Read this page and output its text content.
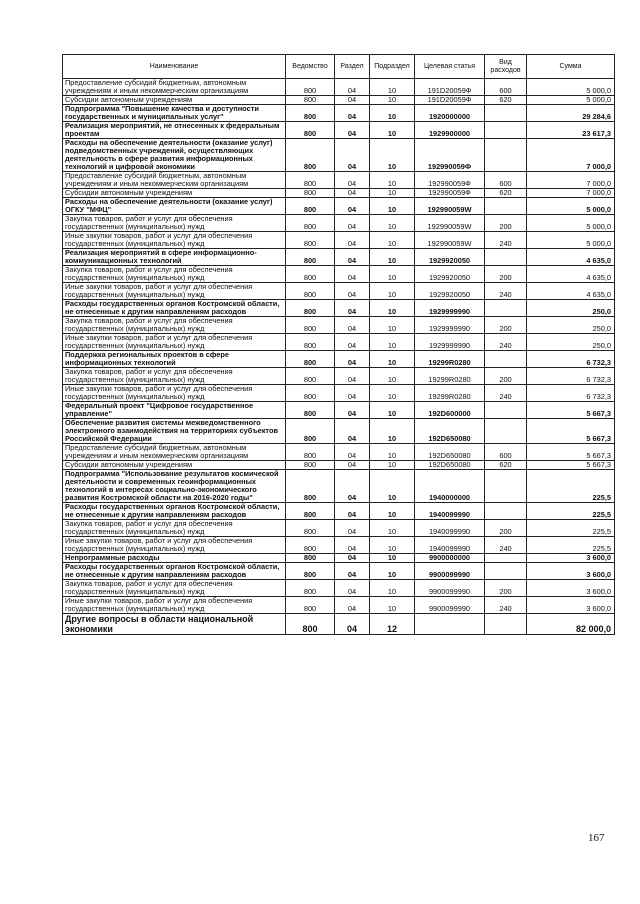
Наименование	Ведомство	Раздел	Подраздел	Целевая статья	Вид расходов	Сумма
Предоставление субсидий бюджетным, автономным учреждениям и иным некоммерческим организациям	800	04	10	191D20059Ф	600	5 000,0
Субсидии автономным учреждениям	800	04	10	191D20059Ф	620	5 000,0
Подпрограмма "Повышение качества и доступности государственных и муниципальных услуг"	800	04	10	1920000000		29 284,6
Реализация мероприятий, не отнесенных к федеральным проектам	800	04	10	1929900000		23 617,3
Расходы на обеспечение деятельности (оказание услуг) подведомственных учреждений, осуществляющих деятельность в сфере развития информационных технологий и цифровой экономики	800	04	10	192990059Ф		7 000,0
Предоставление субсидий бюджетным, автономным учреждениям и иным некоммерческим организациям	800	04	10	192990059Ф	600	7 000,0
Субсидии автономным учреждениям	800	04	10	192990059Ф	620	7 000,0
Расходы на обеспечение деятельности (оказание услуг) ОГКУ "МФЦ"	800	04	10	192990059W		5 000,0
Закупка товаров, работ и услуг для обеспечения государственных (муниципальных) нужд	800	04	10	192990059W	200	5 000,0
Иные закупки товаров, работ и услуг для обеспечения государственных (муниципальных) нужд	800	04	10	192990059W	240	5 000,0
Реализация мероприятий в сфере информационно-коммуникационных технологий	800	04	10	1929920050		4 635,0
Закупка товаров, работ и услуг для обеспечения государственных (муниципальных) нужд	800	04	10	1929920050	200	4 635,0
Иные закупки товаров, работ и услуг для обеспечения государственных (муниципальных) нужд	800	04	10	1929920050	240	4 635,0
Расходы государственных органов Костромской области, не отнесенные к другим направлениям расходов	800	04	10	1929999990		250,0
Закупка товаров, работ и услуг для обеспечения государственных (муниципальных) нужд	800	04	10	1929999990	200	250,0
Иные закупки товаров, работ и услуг для обеспечения государственных (муниципальных) нужд	800	04	10	1929999990	240	250,0
Поддержка региональных проектов в сфере информационных технологий	800	04	10	19299R0280		6 732,3
Закупка товаров, работ и услуг для обеспечения государственных (муниципальных) нужд	800	04	10	19299R0280	200	6 732,3
Иные закупки товаров, работ и услуг для обеспечения государственных (муниципальных) нужд	800	04	10	19299R0280	240	6 732,3
Федеральный проект "Цифровое государственное управление"	800	04	10	192D600000		5 667,3
Обеспечение развития системы межведомственного электронного взаимодействия на территориях субъектов Российской Федерации	800	04	10	192D650080		5 667,3
Предоставление субсидий бюджетным, автономным учреждениям и иным некоммерческим организациям	800	04	10	192D650080	600	5 667,3
Субсидии автономным учреждениям	800	04	10	192D650080	620	5 667,3
Подпрограмма "Использование результатов космической деятельности и современных геоинформационных технологий в интересах социально-экономического развития Костромской области на 2016-2020 годы"	800	04	10	1940000000		225,5
Расходы государственных органов Костромской области, не отнесенные к другим направлениям расходов	800	04	10	1940099990		225,5
Закупка товаров, работ и услуг для обеспечения государственных (муниципальных) нужд	800	04	10	1940099990	200	225,5
Иные закупки товаров, работ и услуг для обеспечения государственных (муниципальных) нужд	800	04	10	1940099990	240	225,5
Непрограммные расходы	800	04	10	9900000000		3 600,0
Расходы государственных органов Костромской области, не отнесенные к другим направлениям расходов	800	04	10	9900099990		3 600,0
Закупка товаров, работ и услуг для обеспечения государственных (муниципальных) нужд	800	04	10	9900099990	200	3 600,0
Иные закупки товаров, работ и услуг для обеспечения государственных (муниципальных) нужд	800	04	10	9900099990	240	3 600,0
Другие вопросы в области национальной экономики	800	04	12			82 000,0
167
